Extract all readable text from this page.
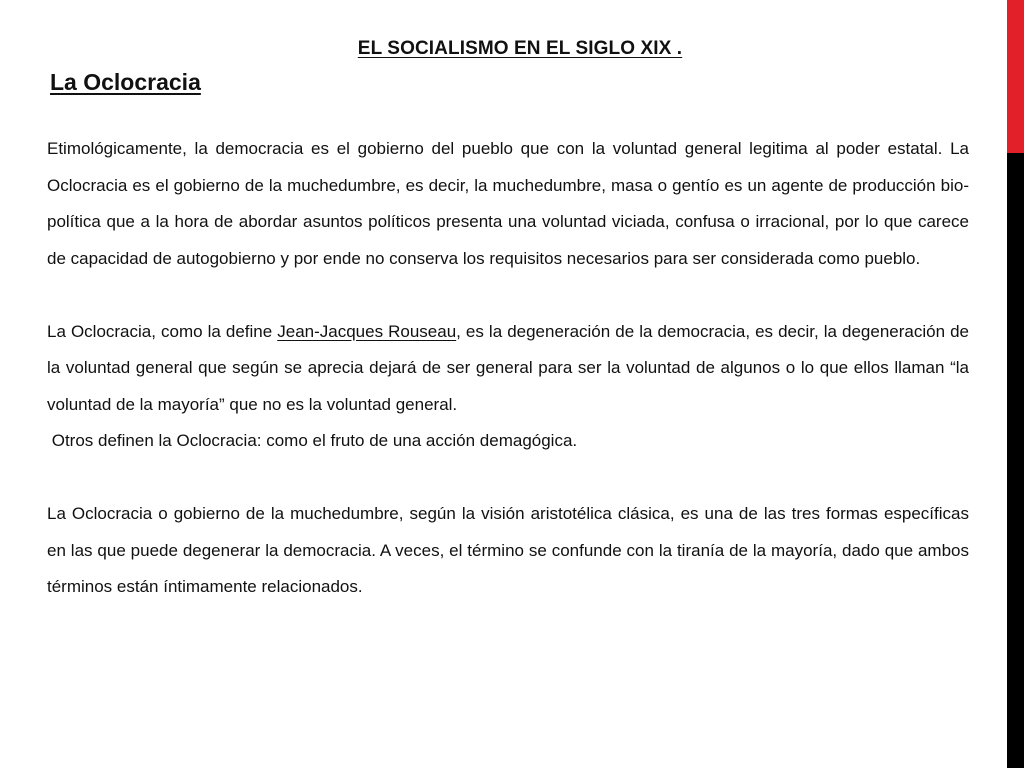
EL SOCIALISMO EN EL SIGLO XIX .
La Oclocracia

Etimológicamente, la democracia es el gobierno del pueblo que con la voluntad general legitima al poder estatal. La Oclocracia es el gobierno de la muchedumbre, es decir, la muchedumbre, masa o gentío es un agente de producción bio-política que a la hora de abordar asuntos políticos presenta una voluntad viciada, confusa o irracional, por lo que carece de capacidad de autogobierno y por ende no conserva los requisitos necesarios para ser considerada como pueblo.

La Oclocracia, como la define Jean-Jacques Rouseau, es la degeneración de la democracia, es decir, la degeneración de la voluntad general que según se aprecia dejará de ser general para ser la voluntad de algunos o lo que ellos llaman “la voluntad de la mayoría” que no es la voluntad general.

Otros definen la Oclocracia: como el fruto de una acción demagógica.

La Oclocracia o gobierno de la muchedumbre, según la visión aristotélica clásica, es una de las tres formas específicas en las que puede degenerar la democracia. A veces, el término se confunde con la tiranía de la mayoría, dado que ambos términos están íntimamente relacionados.
